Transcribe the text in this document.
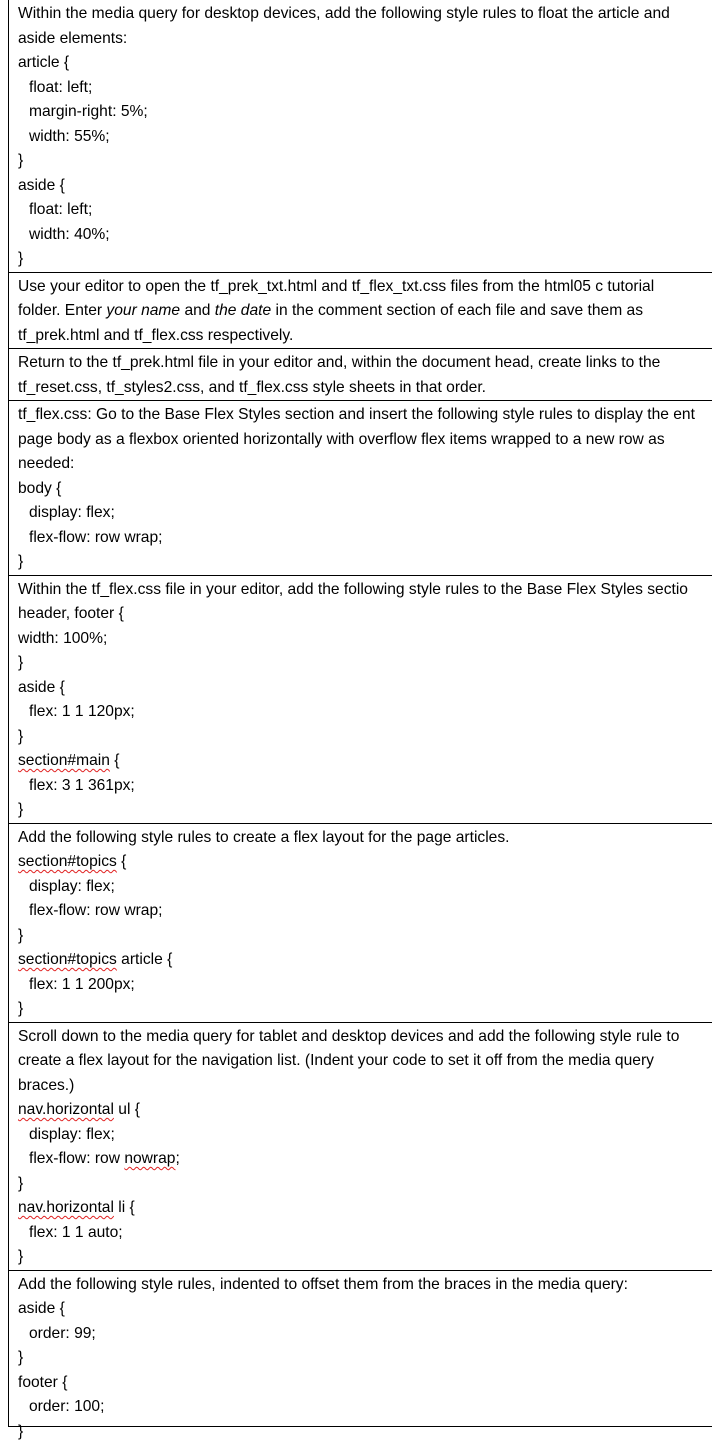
Within the media query for desktop devices, add the following style rules to float the article and
aside elements:
article {
float: left;
margin-right: 5%;
width: 55%;
}
aside {
float: left;
width: 40%;
}
Use your editor to open the tf_prek_txt.html and tf_flex_txt.css files from the html05 c tutorial
folder. Enter your name and the date in the comment section of each file and save them as
tf_prek.html and tf_flex.css respectively.
Return to the tf_prek.html file in your editor and, within the document head, create links to the
tf_reset.css, tf_styles2.css, and tf_flex.css style sheets in that order.
tf_flex.css: Go to the Base Flex Styles section and insert the following style rules to display the ent
page body as a flexbox oriented horizontally with overflow flex items wrapped to a new row as
needed:
body {
display: flex;
flex-flow: row wrap;
}
Within the tf_flex.css file in your editor, add the following style rules to the Base Flex Styles sectio
header, footer {
width: 100%;
}
aside {
flex: 1 1 120px;
}
section#main {
flex: 3 1 361px;
}
Add the following style rules to create a flex layout for the page articles.
section#topics {
display: flex;
flex-flow: row wrap;
}
section#topics article {
flex: 1 1 200px;
}
Scroll down to the media query for tablet and desktop devices and add the following style rule to
create a flex layout for the navigation list. (Indent your code to set it off from the media query
braces.)
nav.horizontal ul {
display: flex;
flex-flow: row nowrap;
}
nav.horizontal li {
flex: 1 1 auto;
}
Add the following style rules, indented to offset them from the braces in the media query:
aside {
order: 99;
}
footer {
order: 100;
}
